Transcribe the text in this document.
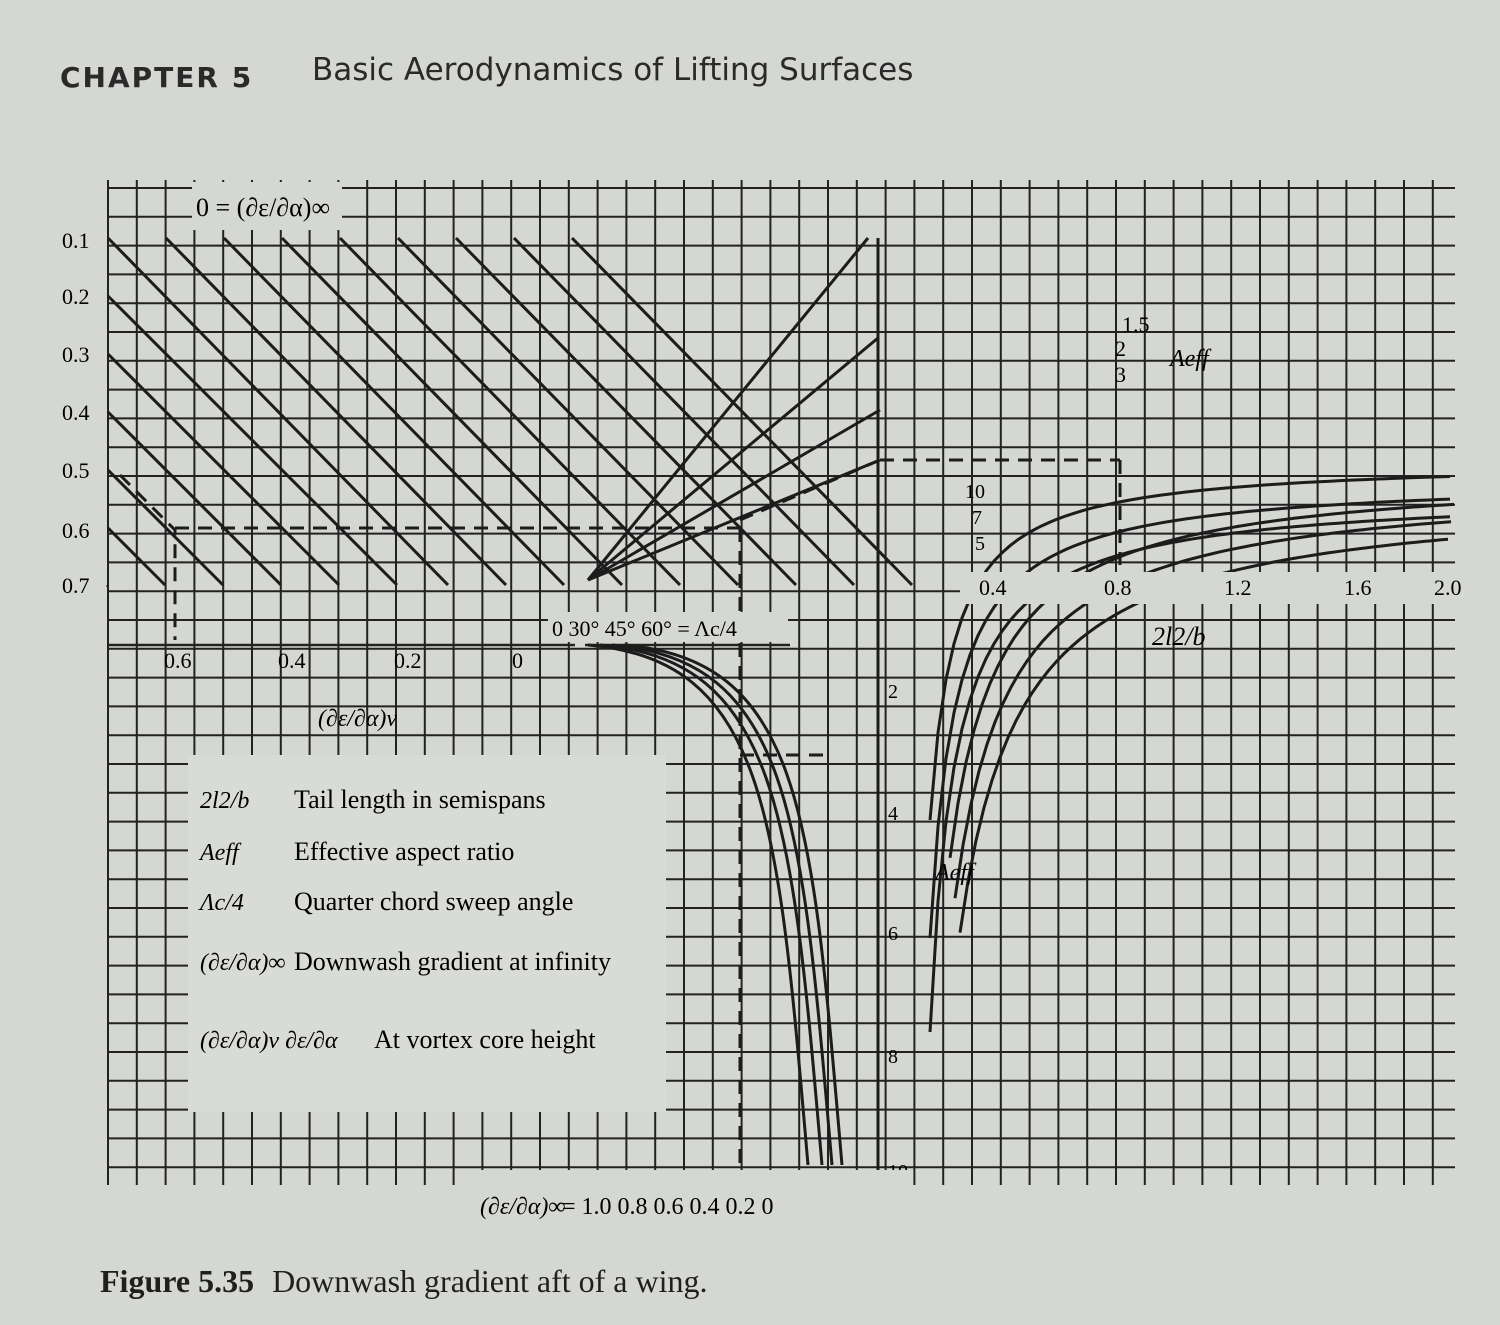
CHAPTER 5 Basic Aerodynamics of Lifting Surfaces
0.1
0.2
0.3
0.4
0.5
0.6
0.7
0.6	0.4	0.2	0
0 = (∂ε/∂α)∞
(∂ε/∂α)v
0 30° 45° 60° = Λc/4
0.4	0.8	1.2	1.6	2.0
2l2/b
Aeff
1.5
2
3
10
7
5
2
4
6
8
Aeff
(∂ε/∂α)∞
= 1.0 0.8 0.6 0.4 0.2 0
2l2/b Tail length in semispans
Aeff Effective aspect ratio
Λc/4 Quarter chord sweep angle
(∂ε/∂α)∞ Downwash gradient at infinity
(∂ε/∂α)v ∂ε/∂α At vortex core height
Figure 5.35 Downwash gradient aft of a wing.
